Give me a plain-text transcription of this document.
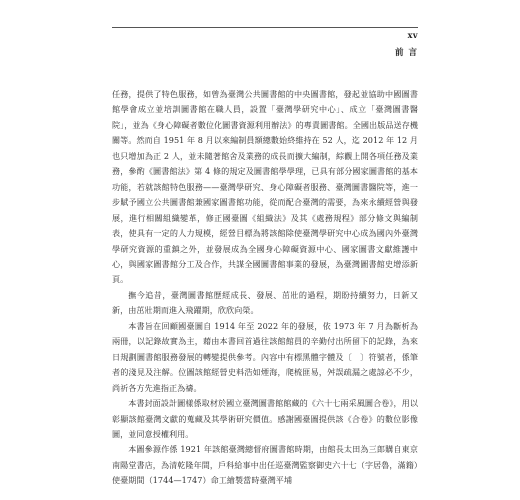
xv
前 言

任務，提供了特色服務，如曾為臺灣公共圖書館的中央圖書館，發起並協助中國圖書館學會成立並培訓圖書館在職人員，設置「臺灣學研究中心」、成立「臺灣圖書醫院」，並為《身心障礙者數位化圖書資源利用辦法》的專責圖書館。全國出版品送存機關等。然而自 1951 年 8 月以來編制員額總數始終維持在 52 人，迄 2012 年 12 月也只增加為正 2 人，並未隨著館舍及業務的成長而擴大編制，綜觀上開各項任務及業務，參酌《圖書館法》第 4 條的規定及圖書館學學理，已具有部分國家圖書館的基本功能，若就該館特色服務——臺灣學研究、身心障礙者服務、臺灣圖書醫院等，進一步賦予國立公共圖書館兼國家圖書館功能，從而配合臺灣的需要，為來永續經營與發展，進行相關組織變革，修正國臺圖《組織法》及其《處務規程》部分條文與編制表，使具有一定的人力規模，經營目標為將該館除使臺灣學研究中心成為國內外臺灣學研究資源的重鎮之外，並發展成為全國身心障礙資源中心、國家圖書文獻維護中心，與國家圖書館分工及合作，共謀全國圖書館事業的發展，為臺灣圖書館史增添新頁。

撫今追昔，臺灣圖書館歷經成長、發展、茁壯的過程，期盼持續努力，日新又新，由茁壯期而進入飛躍期，欣欣向榮。

本書旨在回顧國臺圖自 1914 年至 2022 年的發展，依 1973 年 7 月為斷析為兩冊，以記錄故實為主，藉由本書回首過往該館館員的辛勤付出所留下的記錄，為來日規劃圖書館服務發展的轉變提供參考。內容中有標黑體字體及〔　〕符號者，係筆者的淺見及注解。位圖該館經營史料浩如煙海，爬梳匪易，舛誤疏漏之處諒必不少，尚祈各方先進指正為禱。

本書封面設計圖樣係取材於國立臺灣圖書館館藏的《六十七兩采風圖合卷》，用以彰顯該館臺灣文獻的蒐藏及其學術研究價值。感謝國臺圖提供該《合卷》的數位影像圖，並同意授權利用。

本圖參源作係 1921 年該館臺灣總督府圖書館時期，由館長太田為三郎購自東京南陽堂書店，為清乾隆年間，戶科給事中出任巡臺灣監察御史六十七（字居魯，滿籍）使臺期間（1744—1747）命工繪製當時臺灣平埔
